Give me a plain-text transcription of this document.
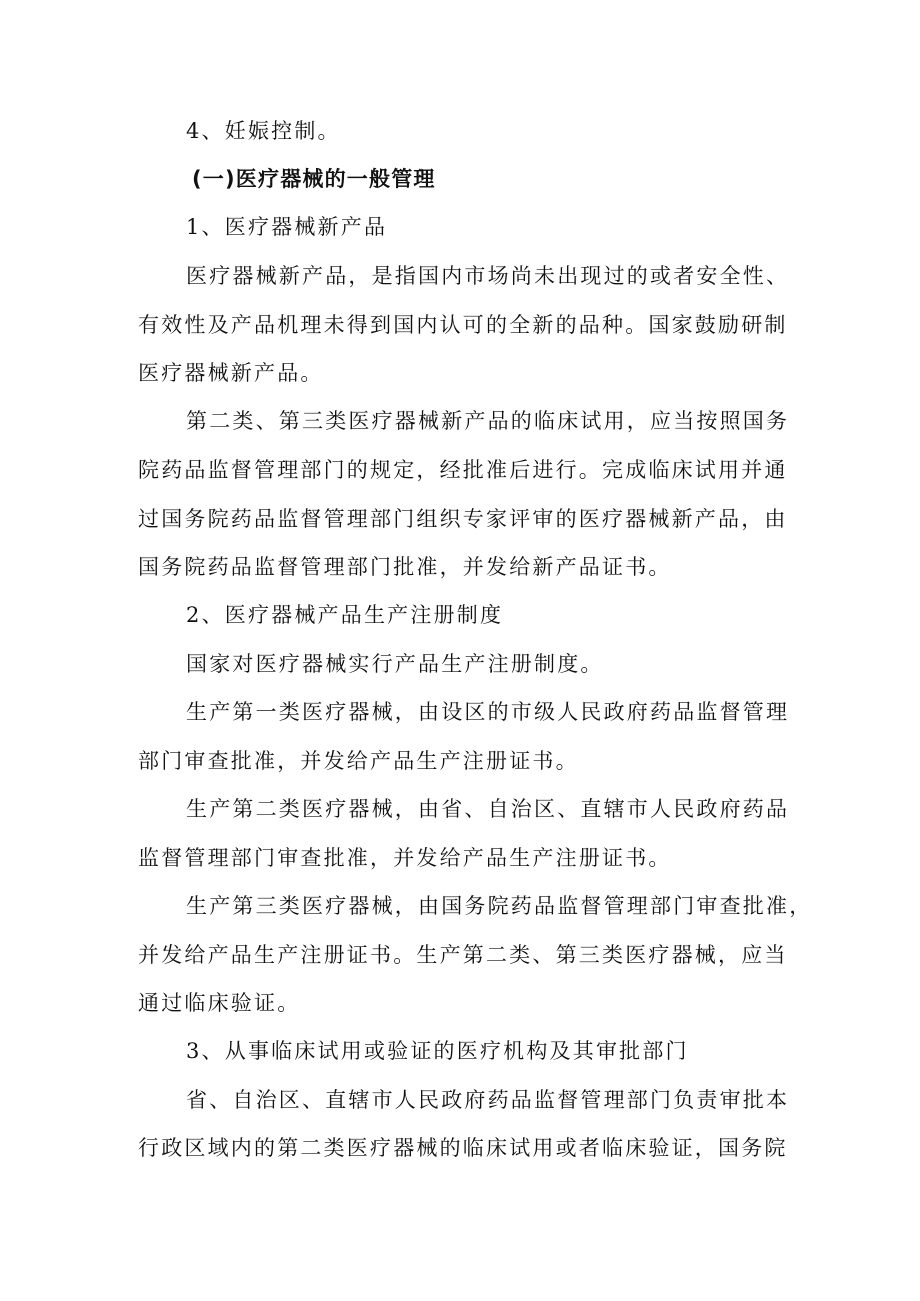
4、妊娠控制。

(一)医疗器械的一般管理

1、医疗器械新产品

医疗器械新产品，是指国内市场尚未出现过的或者安全性、

有效性及产品机理未得到国内认可的全新的品种。国家鼓励研制

医疗器械新产品。

第二类、第三类医疗器械新产品的临床试用，应当按照国务

院药品监督管理部门的规定，经批准后进行。完成临床试用并通

过国务院药品监督管理部门组织专家评审的医疗器械新产品，由

国务院药品监督管理部门批准，并发给新产品证书。

2、医疗器械产品生产注册制度

国家对医疗器械实行产品生产注册制度。

生产第一类医疗器械，由设区的市级人民政府药品监督管理

部门审查批准，并发给产品生产注册证书。

生产第二类医疗器械，由省、自治区、直辖市人民政府药品

监督管理部门审查批准，并发给产品生产注册证书。

生产第三类医疗器械，由国务院药品监督管理部门审查批准，

并发给产品生产注册证书。生产第二类、第三类医疗器械，应当

通过临床验证。

3、从事临床试用或验证的医疗机构及其审批部门

省、自治区、直辖市人民政府药品监督管理部门负责审批本

行政区域内的第二类医疗器械的临床试用或者临床验证，国务院
